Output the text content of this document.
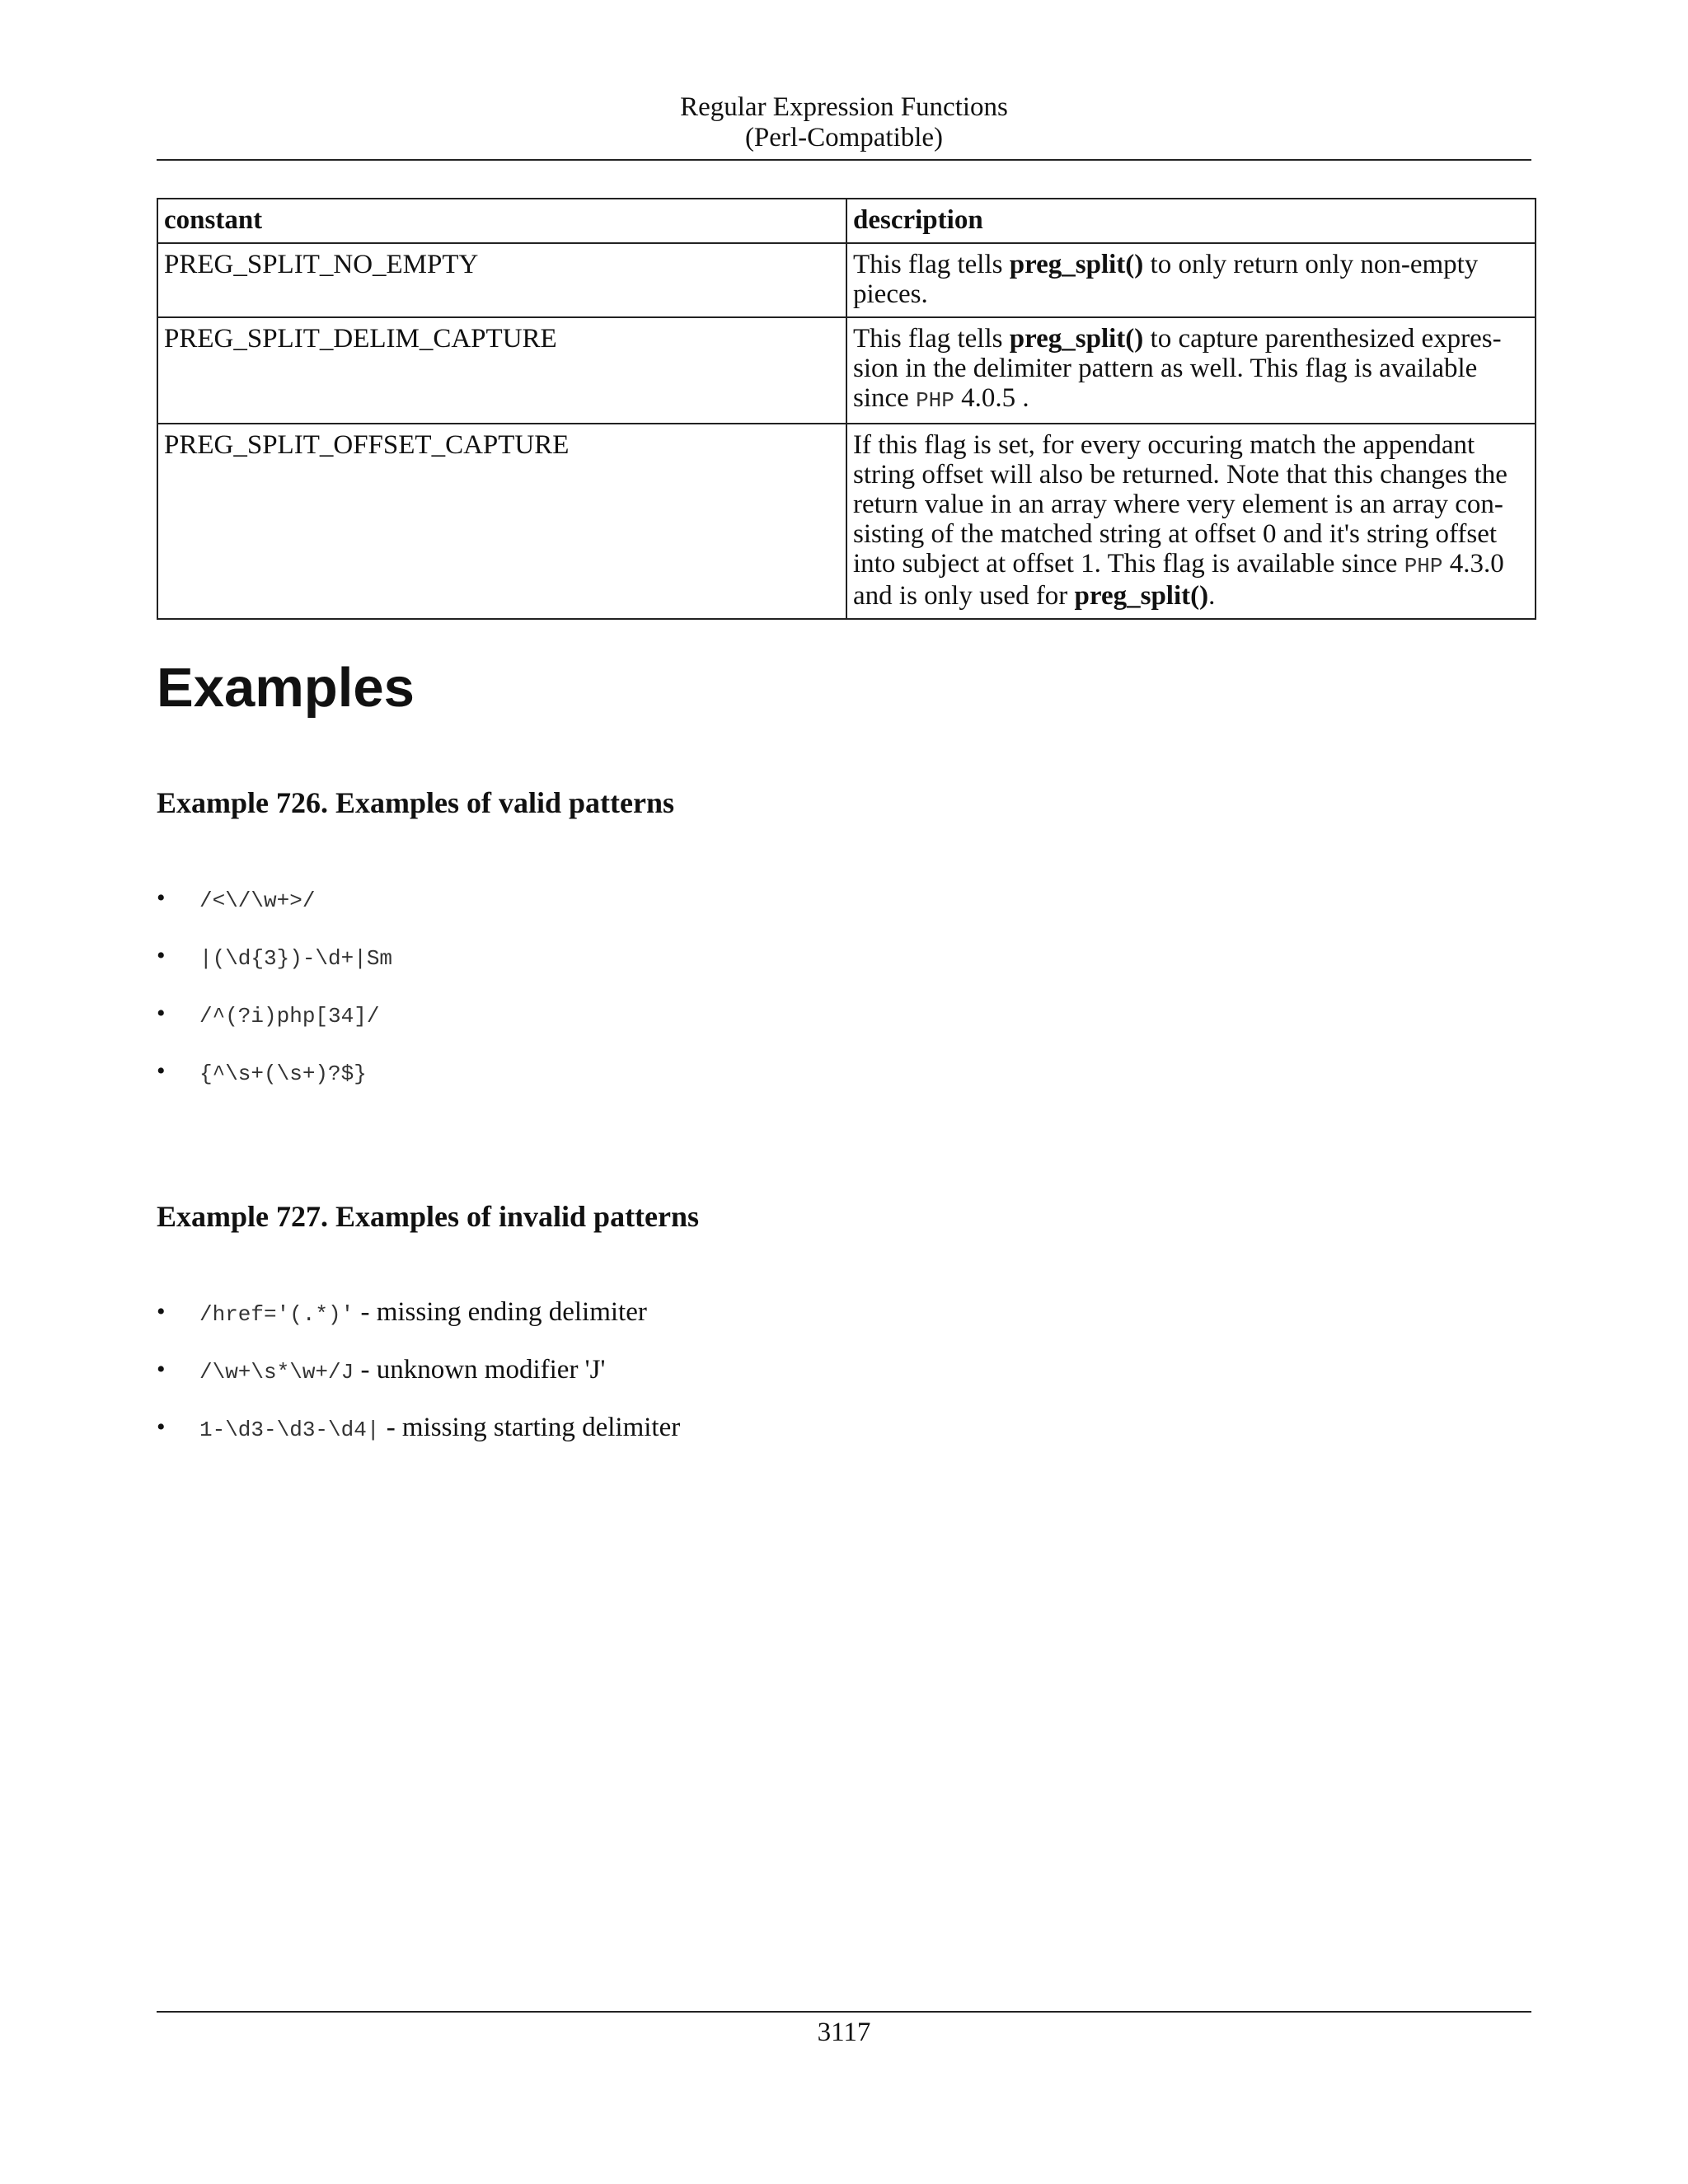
Regular Expression Functions
(Perl-Compatible)
constant	description
PREG_SPLIT_NO_EMPTY	This flag tells preg_split() to only return only non-empty pieces.
PREG_SPLIT_DELIM_CAPTURE	This flag tells preg_split() to capture parenthesized expression in the delimiter pattern as well. This flag is available since PHP 4.0.5 .
PREG_SPLIT_OFFSET_CAPTURE	If this flag is set, for every occuring match the appendant string offset will also be returned. Note that this changes the return value in an array where very element is an array consisting of the matched string at offset 0 and it's string offset into subject at offset 1. This flag is available since PHP 4.3.0 and is only used for preg_split().
Examples
Example 726. Examples of valid patterns
• /<\/\w+>/
• |(\d{3})-\d+|Sm
• /^(?i)php[34]/
• {^\s+(\s+)?$}
Example 727. Examples of invalid patterns
• /href='(.*)' - missing ending delimiter
• /\w+\s*\w+/J - unknown modifier 'J'
• 1-\d3-\d3-\d4| - missing starting delimiter
3117
